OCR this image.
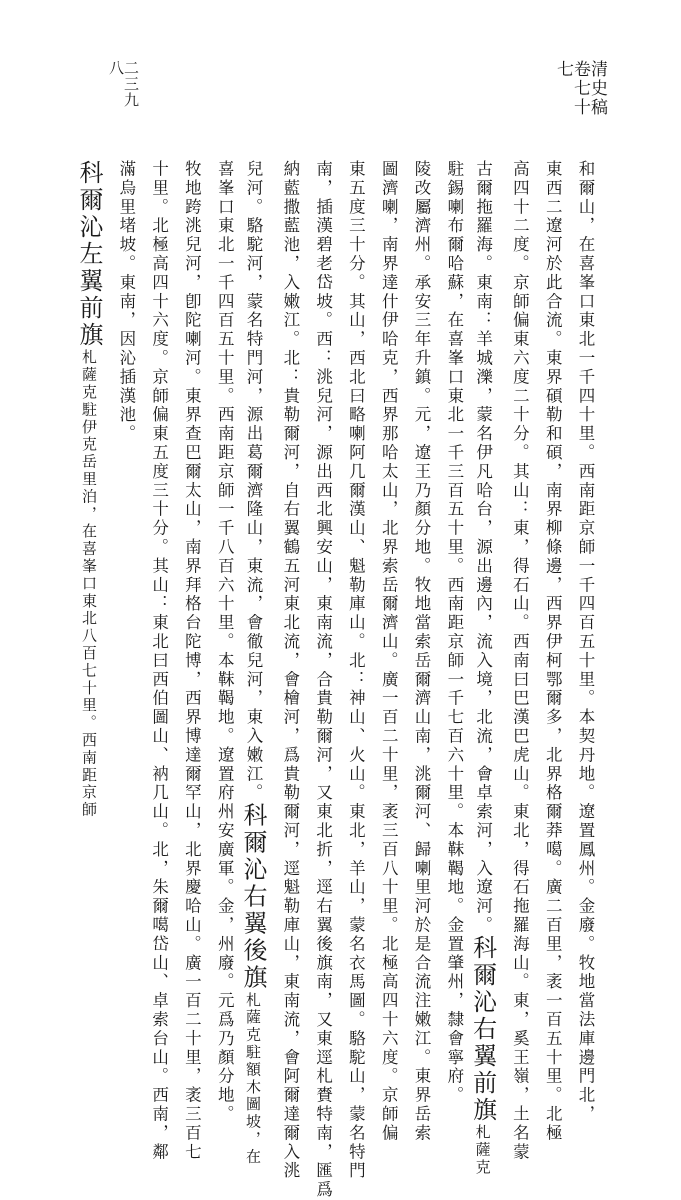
清史稿卷七十七
二三九八
和爾山，在喜峯口東北一千四十里。西南距京師一千四百五十里。本契丹地。遼置鳳州。金廢。牧地當法庫邊門北，
東西二遼河於此合流。東界碩勒和碩，南界柳條邊，西界伊柯鄂爾多，北界格爾莽噶。廣二百里，袤一百五十里。北極
高四十二度。京師偏東六度二十分。其山：東，得石山。西南曰巴漢巴虎山。東北，得石拖羅海山。東，奚王嶺，土名蒙
古爾拖羅海。東南：羊城濼，蒙名伊凡哈台，源出邊內，流入境，北流，會卓索河，入遼河。科爾沁右翼前旗札薩克
駐錫喇布爾哈蘇，在喜峯口東北一千三百五十里。西南距京師一千七百六十里。本靺鞨地。金置肇州，隸會寧府。
陵改屬濟州。承安三年升鎮。元，遼王乃顏分地。牧地當索岳爾濟山南，洮爾河、歸喇里河於是合流注嫩江。東界岳索
圖濟喇，南界達什伊哈克，西界那哈太山，北界索岳爾濟山。廣一百二十里，袤三百八十里。北極高四十六度。京師偏
東五度三十分。其山，西北曰略喇阿几爾漢山、魁勒庫山。北：神山、火山。東北，羊山，蒙名衣馬圖。駱駝山，蒙名特門
南，插漢碧老岱坡。西：洮兒河，源出西北興安山，東南流，合貴勒爾河，又東北折，逕右翼後旗南，又東逕札賚特南，匯爲
納藍撒藍池，入嫩江。北：貴勒爾河，自右翼鶴五河東北流，會檜河，爲貴勒爾河，逕魁勒庫山，東南流，會阿爾達爾入洮
兒河。駱駝河，蒙名特門河，源出葛爾濟隆山，東流，會徹兒河，東入嫩江。科爾沁右翼後旗札薩克駐額木圖坡，在
喜峯口東北一千四百五十里。西南距京師一千八百六十里。本靺鞨地。遼置府州安廣軍。金，州廢。元爲乃顏分地。
牧地跨洮兒河，卽陀喇河。東界查巴爾太山，南界拜格台陀博，西界博達爾罕山，北界慶哈山。廣一百二十里，袤三百七
十里。北極高四十六度。京師偏東五度三十分。其山：東北曰西伯圖山、衲几山。北，朱爾噶岱山、卓索台山。西南，鄰
滿烏里堵坡。東南，因沁插漢池。
科爾沁左翼前旗札薩克駐伊克岳里泊，在喜峯口東北八百七十里。西南距京師
